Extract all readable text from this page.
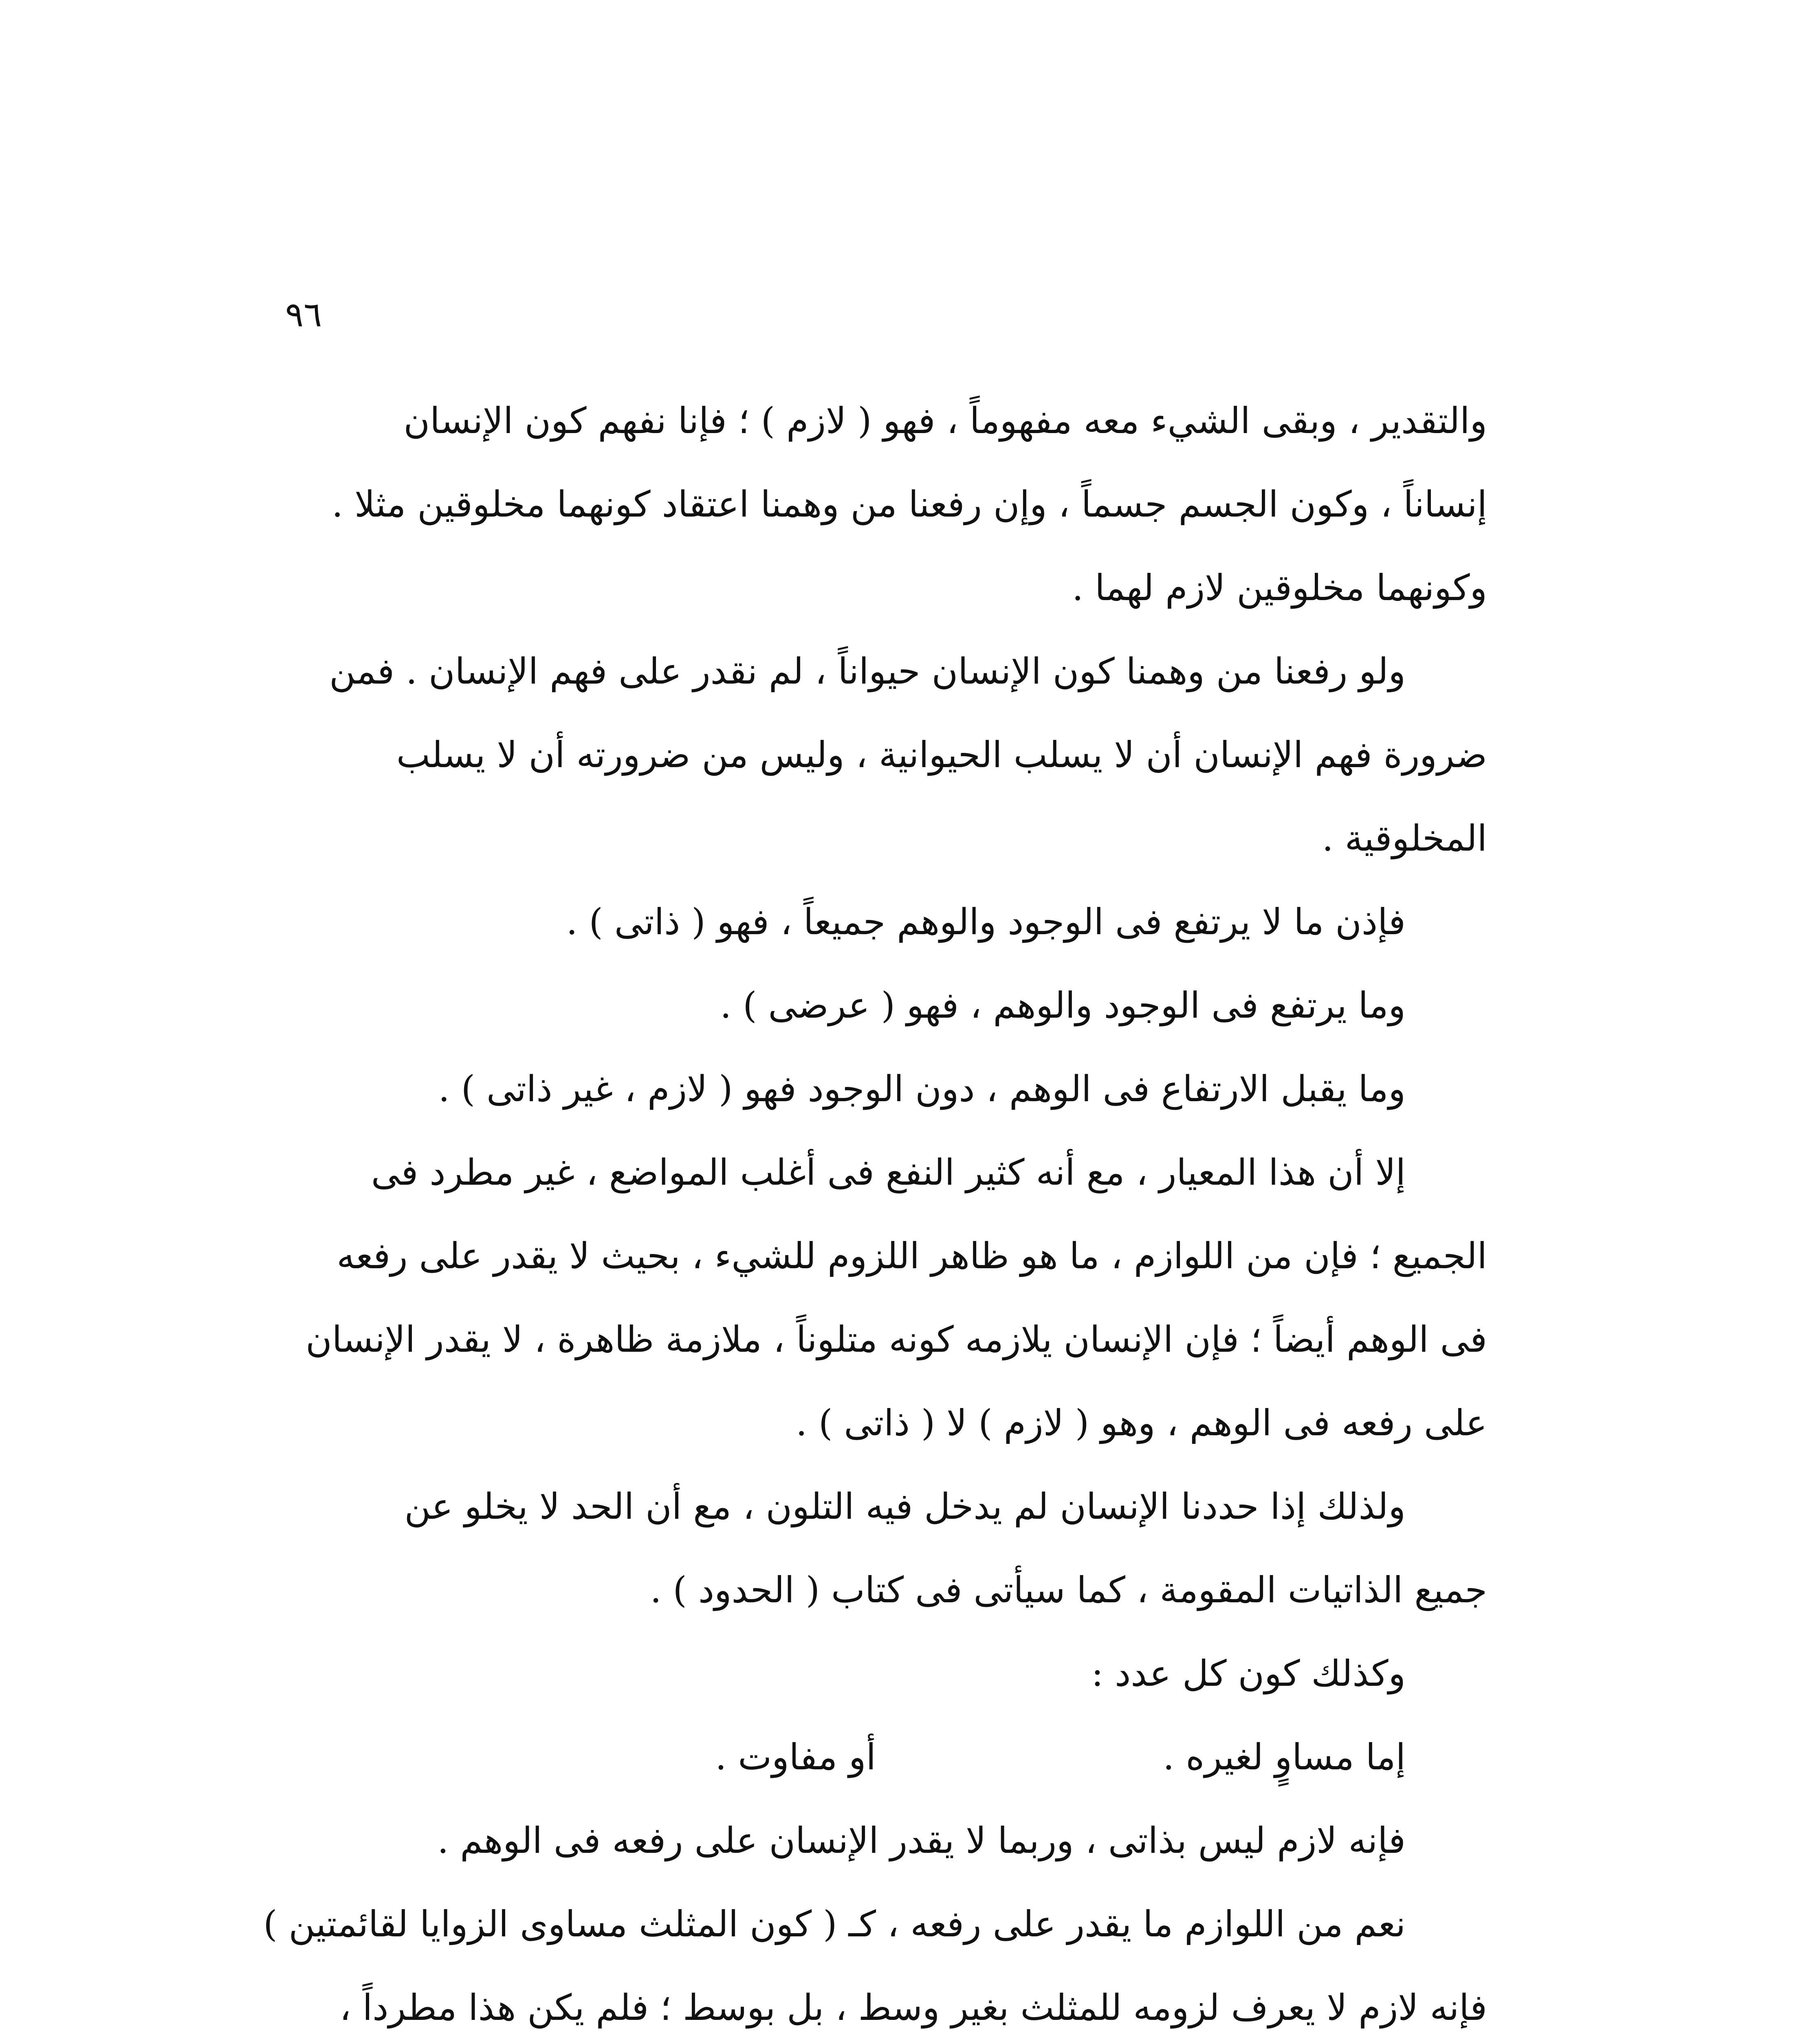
٩٦

والتقدير ، وبقى الشيء معه مفهوماً ، فهو ( لازم ) ؛ فإنا نفهم كون الإنسان
إنساناً ، وكون الجسم جسماً ، وإن رفعنا من وهمنا اعتقاد كونهما مخلوقين مثلا .
وكونهما مخلوقين لازم لهما .

ولو رفعنا من وهمنا كون الإنسان حيواناً ، لم نقدر على فهم الإنسان . فمن
ضرورة فهم الإنسان أن لا يسلب الحيوانية ، وليس من ضرورته أن لا يسلب
المخلوقية .

فإذن ما لا يرتفع فى الوجود والوهم جميعاً ، فهو ( ذاتى ) .
وما يرتفع فى الوجود والوهم ، فهو ( عرضى ) .
وما يقبل الارتفاع فى الوهم ، دون الوجود فهو ( لازم ، غير ذاتى ) .

إلا أن هذا المعيار ، مع أنه كثير النفع فى أغلب المواضع ، غير مطرد فى
الجميع ؛ فإن من اللوازم ، ما هو ظاهر اللزوم للشيء ، بحيث لا يقدر على رفعه
فى الوهم أيضاً ؛ فإن الإنسان يلازمه كونه متلوناً ، ملازمة ظاهرة ، لا يقدر الإنسان
على رفعه فى الوهم ، وهو ( لازم ) لا ( ذاتى ) .

ولذلك إذا حددنا الإنسان لم يدخل فيه التلون ، مع أن الحد لا يخلو عن
جميع الذاتيات المقومة ، كما سيأتى فى كتاب ( الحدود ) .

وكذلك كون كل عدد :
إما مساوٍ لغيره .
أو مفاوت .
فإنه لازم ليس بذاتى ، وربما لا يقدر الإنسان على رفعه فى الوهم .

نعم من اللوازم ما يقدر على رفعه ، كـ ( كون المثلث مساوى الزوايا لقائمتين )
فإنه لازم لا يعرف لزومه للمثلث بغير وسط ، بل بوسط ؛ فلم يكن هذا مطرداً ،
